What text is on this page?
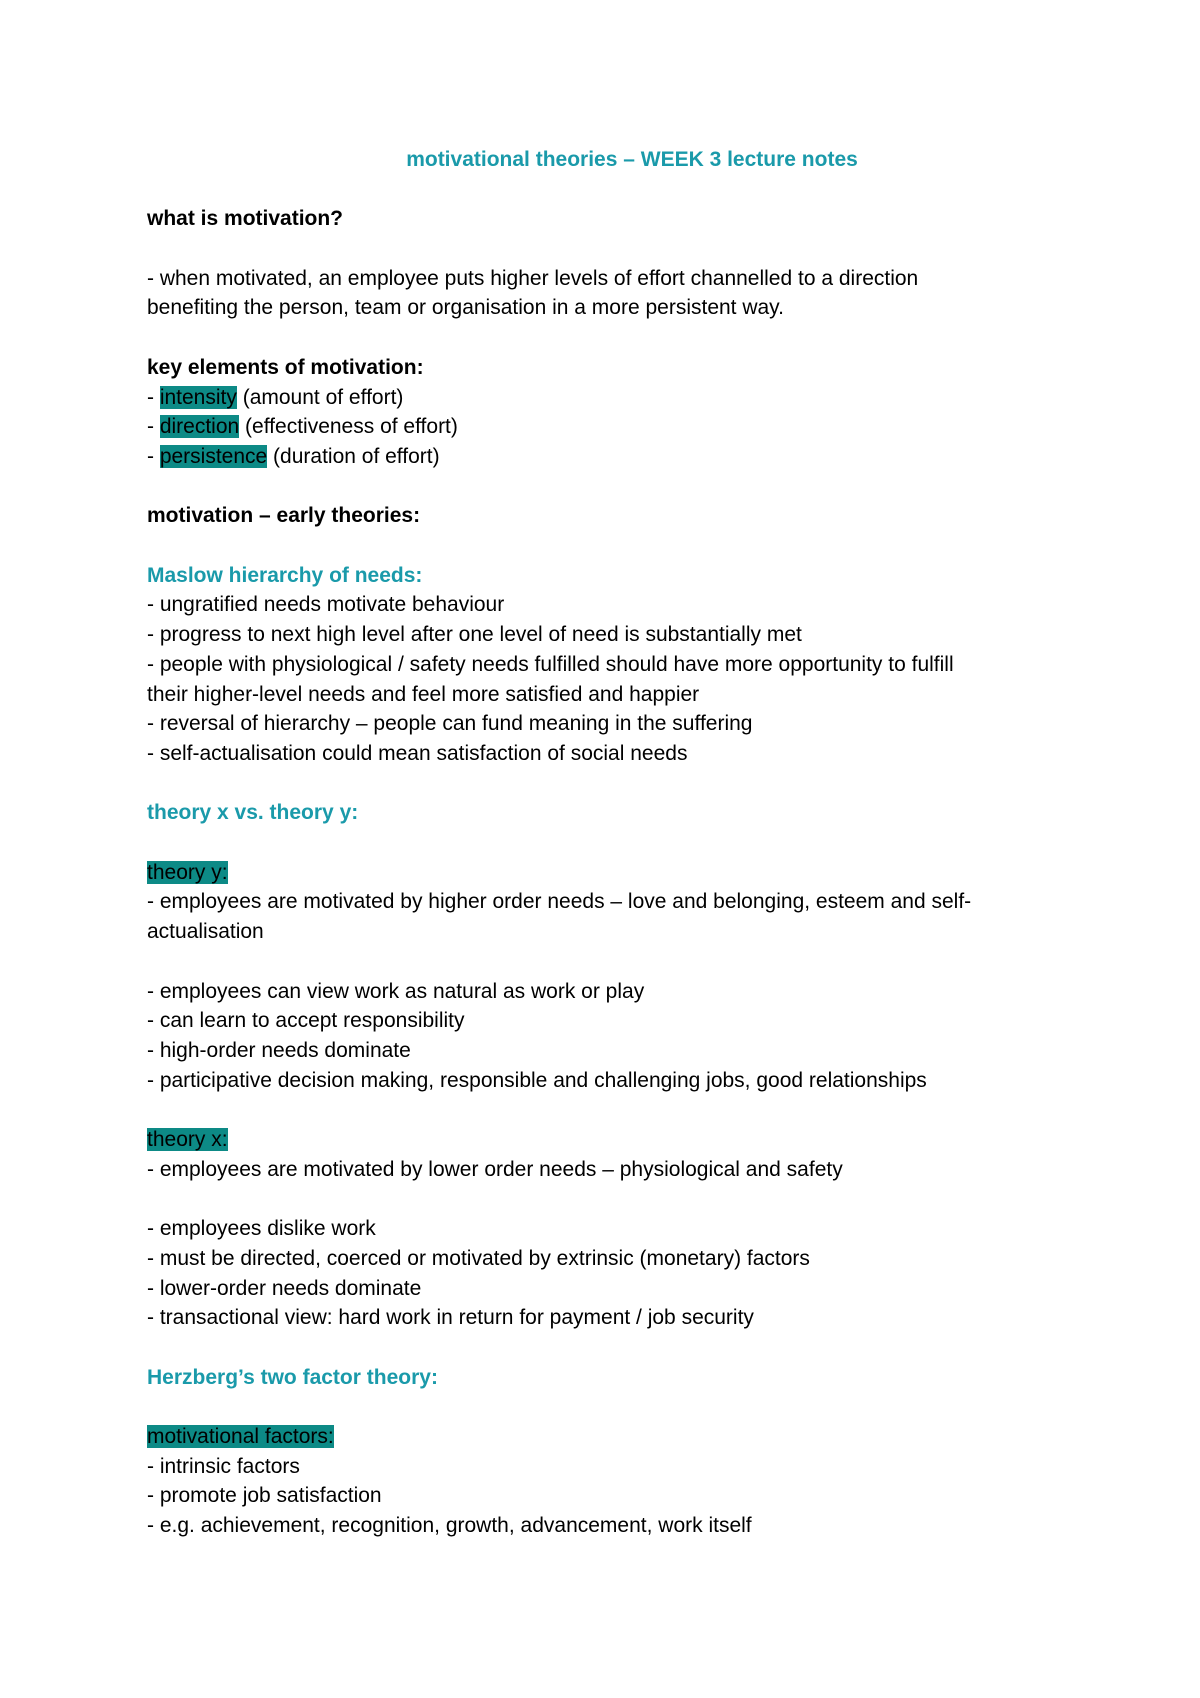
motivational theories – WEEK 3 lecture notes

what is motivation?

- when motivated, an employee puts higher levels of effort channelled to a direction

benefiting the person, team or organisation in a more persistent way.

key elements of motivation:

- intensity (amount of effort)

- direction (effectiveness of effort)

- persistence (duration of effort)

motivation – early theories:

Maslow hierarchy of needs:

- ungratified needs motivate behaviour

- progress to next high level after one level of need is substantially met

- people with physiological / safety needs fulfilled should have more opportunity to fulfill

their higher-level needs and feel more satisfied and happier

- reversal of hierarchy – people can fund meaning in the suffering

- self-actualisation could mean satisfaction of social needs

theory x vs. theory y:

theory y:

- employees are motivated by higher order needs – love and belonging, esteem and self-

actualisation

- employees can view work as natural as work or play

- can learn to accept responsibility

- high-order needs dominate

- participative decision making, responsible and challenging jobs, good relationships

theory x:

- employees are motivated by lower order needs – physiological and safety

- employees dislike work

- must be directed, coerced or motivated by extrinsic (monetary) factors

- lower-order needs dominate

- transactional view: hard work in return for payment / job security

Herzberg’s two factor theory:

motivational factors:

- intrinsic factors

- promote job satisfaction

- e.g. achievement, recognition, growth, advancement, work itself
